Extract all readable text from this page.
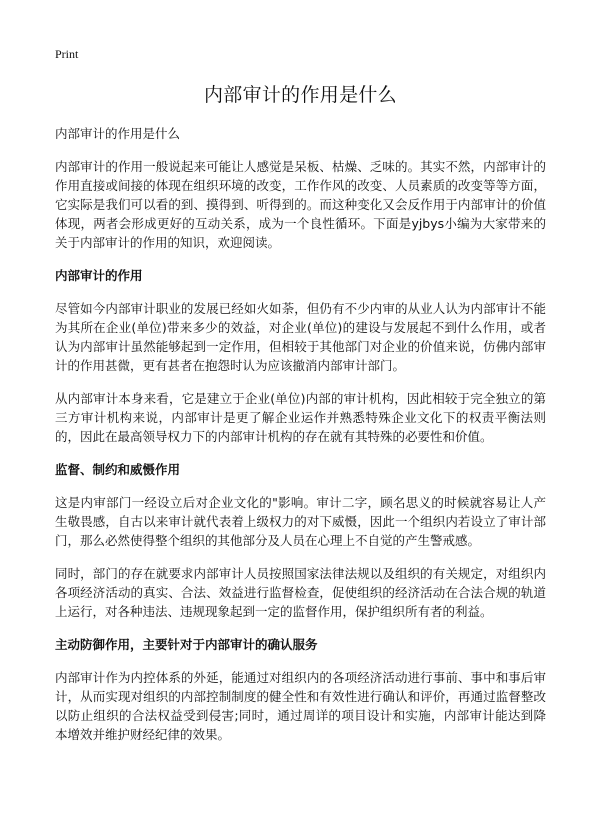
Print
内部审计的作用是什么
内部审计的作用是什么

内部审计的作用一般说起来可能让人感觉是呆板、枯燥、乏味的。其实不然，内部审计的作用直接或间接的体现在组织环境的改变，工作作风的改变、人员素质的改变等等方面，它实际是我们可以看的到、摸得到、听得到的。而这种变化又会反作用于内部审计的价值体现，两者会形成更好的互动关系，成为一个良性循环。下面是yjbys小编为大家带来的关于内部审计的作用的知识，欢迎阅读。

内部审计的作用

尽管如今内部审计职业的发展已经如火如荼，但仍有不少内审的从业人认为内部审计不能为其所在企业(单位)带来多少的效益，对企业(单位)的建设与发展起不到什么作用，或者认为内部审计虽然能够起到一定作用，但相较于其他部门对企业的价值来说，仿佛内部审计的作用甚微，更有甚者在抱怨时认为应该撤消内部审计部门。

从内部审计本身来看，它是建立于企业(单位)内部的审计机构，因此相较于完全独立的第三方审计机构来说，内部审计是更了解企业运作并熟悉特殊企业文化下的权责平衡法则的，因此在最高领导权力下的内部审计机构的存在就有其特殊的必要性和价值。

监督、制约和威慑作用

这是内审部门一经设立后对企业文化的"影响。审计二字，顾名思义的时候就容易让人产生敬畏感，自古以来审计就代表着上级权力的对下威慑，因此一个组织内若设立了审计部门，那么必然使得整个组织的其他部分及人员在心理上不自觉的产生警戒感。

同时，部门的存在就要求内部审计人员按照国家法律法规以及组织的有关规定，对组织内各项经济活动的真实、合法、效益进行监督检查，促使组织的经济活动在合法合规的轨道上运行，对各种违法、违规现象起到一定的监督作用，保护组织所有者的利益。

主动防御作用，主要针对于内部审计的确认服务

内部审计作为内控体系的外延，能通过对组织内的各项经济活动进行事前、事中和事后审计，从而实现对组织的内部控制制度的健全性和有效性进行确认和评价，再通过监督整改以防止组织的合法权益受到侵害;同时，通过周详的项目设计和实施，内部审计能达到降本增效并维护财经纪律的效果。
